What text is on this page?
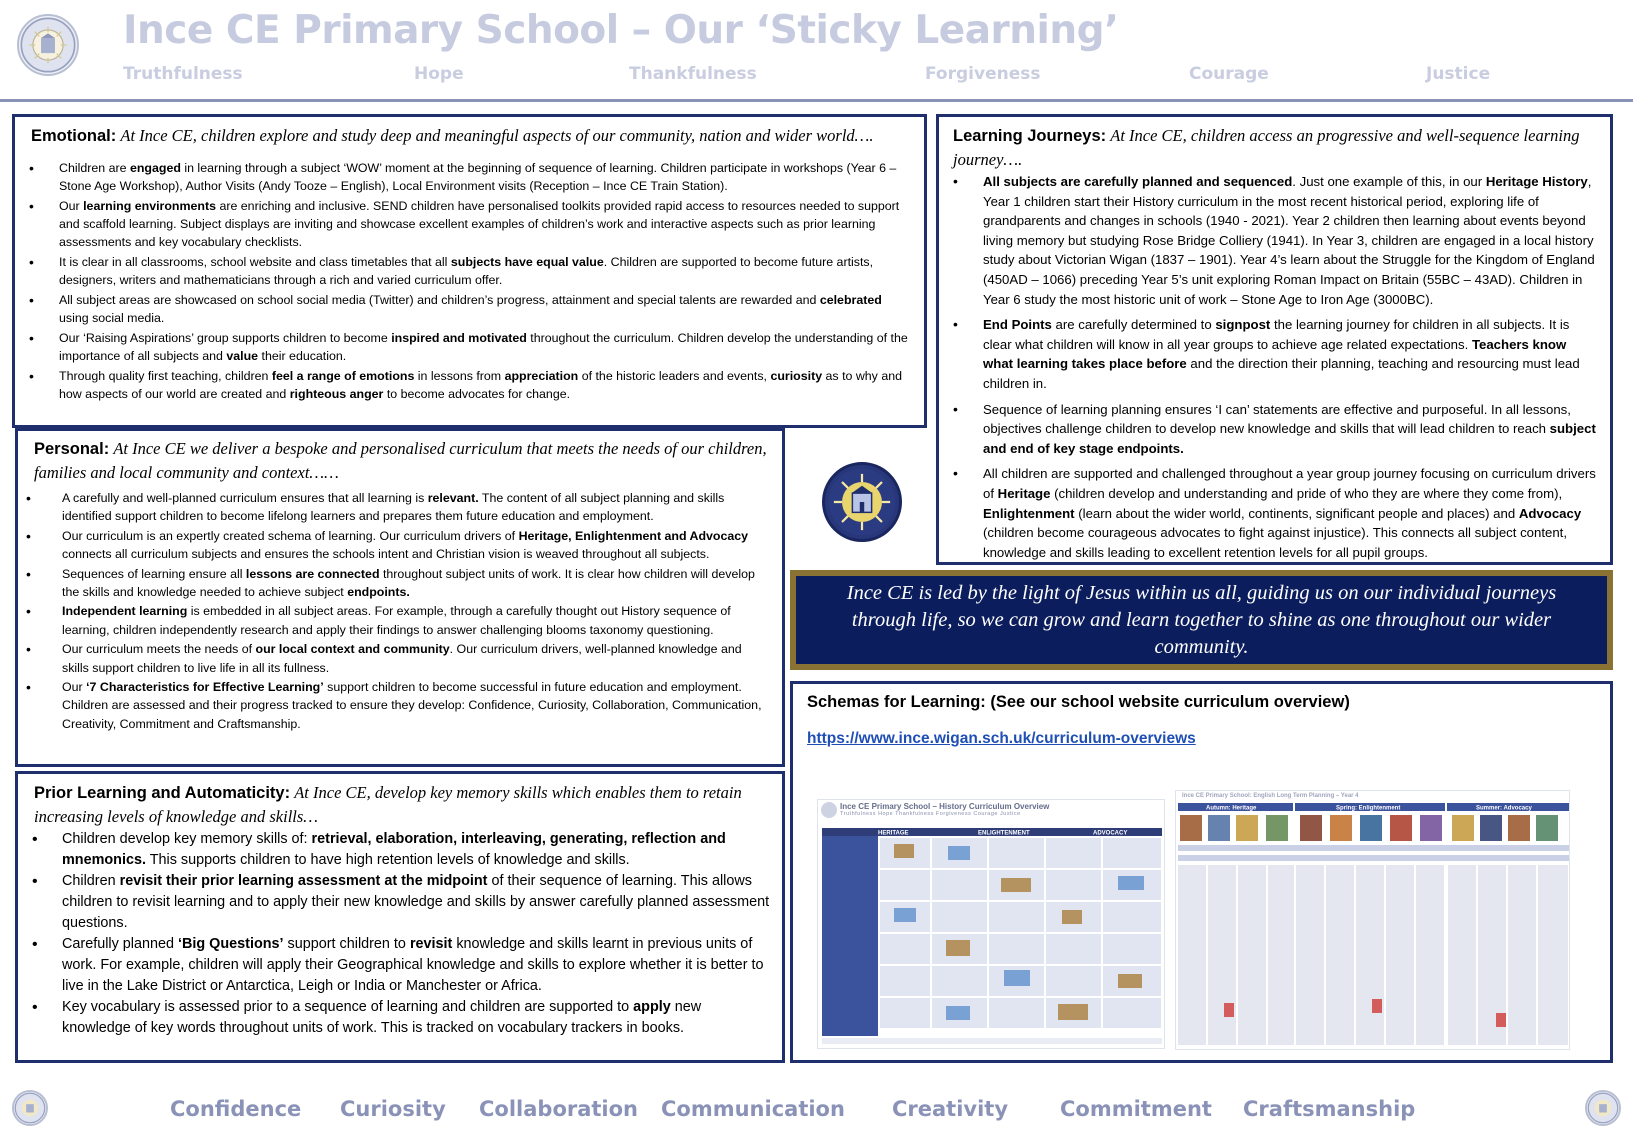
Ince CE Primary School – Our ‘Sticky Learning’
Truthfulness	Hope	Thankfulness	Forgiveness	Courage	Justice
Emotional: At Ince CE, children explore and study deep and meaningful aspects of our community, nation and wider world….
• Children are engaged in learning through a subject ‘WOW’ moment at the beginning of sequence of learning. Children participate in workshops (Year 6 – Stone Age Workshop), Author Visits (Andy Tooze – English), Local Environment visits (Reception – Ince CE Train Station).
• Our learning environments are enriching and inclusive. SEND children have personalised toolkits provided rapid access to resources needed to support and scaffold learning. Subject displays are inviting and showcase excellent examples of children’s work and interactive aspects such as prior learning assessments and key vocabulary checklists.
• It is clear in all classrooms, school website and class timetables that all subjects have equal value. Children are supported to become future artists, designers, writers and mathematicians through a rich and varied curriculum offer.
• All subject areas are showcased on school social media (Twitter) and children’s progress, attainment and special talents are rewarded and celebrated using social media.
• Our ‘Raising Aspirations’ group supports children to become inspired and motivated throughout the curriculum. Children develop the understanding of the importance of all subjects and value their education.
• Through quality first teaching, children feel a range of emotions in lessons from appreciation of the historic leaders and events, curiosity as to why and how aspects of our world are created and righteous anger to become advocates for change.
Learning Journeys: At Ince CE, children access an progressive and well-sequence learning journey….
• All subjects are carefully planned and sequenced. Just one example of this, in our Heritage History, Year 1 children start their History curriculum in the most recent historical period, exploring life of grandparents and changes in schools (1940 - 2021). Year 2 children then learning about events beyond living memory but studying Rose Bridge Colliery (1941). In Year 3, children are engaged in a local history study about Victorian Wigan (1837 – 1901). Year 4’s learn about the Struggle for the Kingdom of England (450AD – 1066) preceding Year 5’s unit exploring Roman Impact on Britain (55BC – 43AD). Children in Year 6 study the most historic unit of work – Stone Age to Iron Age (3000BC).
• End Points are carefully determined to signpost the learning journey for children in all subjects. It is clear what children will know in all year groups to achieve age related expectations. Teachers know what learning takes place before and the direction their planning, teaching and resourcing must lead children in.
• Sequence of learning planning ensures ‘I can’ statements are effective and purposeful. In all lessons, objectives challenge children to develop new knowledge and skills that will lead children to reach subject and end of key stage endpoints.
• All children are supported and challenged throughout a year group journey focusing on curriculum drivers of Heritage (children develop and understanding and pride of who they are where they come from), Enlightenment (learn about the wider world, continents, significant people and places) and Advocacy (children become courageous advocates to fight against injustice). This connects all subject content, knowledge and skills leading to excellent retention levels for all pupil groups.
Personal: At Ince CE we deliver a bespoke and personalised curriculum that meets the needs of our children, families and local community and context……
• A carefully and well-planned curriculum ensures that all learning is relevant. The content of all subject planning and skills identified support children to become lifelong learners and prepares them future education and employment.
• Our curriculum is an expertly created schema of learning. Our curriculum drivers of Heritage, Enlightenment and Advocacy connects all curriculum subjects and ensures the schools intent and Christian vision is weaved throughout all subjects.
• Sequences of learning ensure all lessons are connected throughout subject units of work. It is clear how children will develop the skills and knowledge needed to achieve subject endpoints.
• Independent learning is embedded in all subject areas. For example, through a carefully thought out History sequence of learning, children independently research and apply their findings to answer challenging blooms taxonomy questioning.
• Our curriculum meets the needs of our local context and community. Our curriculum drivers, well-planned knowledge and skills support children to live life in all its fullness.
• Our ‘7 Characteristics for Effective Learning’ support children to become successful in future education and employment. Children are assessed and their progress tracked to ensure they develop: Confidence, Curiosity, Collaboration, Communication, Creativity, Commitment and Craftsmanship.
Prior Learning and Automaticity: At Ince CE, develop key memory skills which enables them to retain increasing levels of knowledge and skills…
• Children develop key memory skills of: retrieval, elaboration, interleaving, generating, reflection and mnemonics. This supports children to have high retention levels of knowledge and skills.
• Children revisit their prior learning assessment at the midpoint of their sequence of learning. This allows children to revisit learning and to apply their new knowledge and skills by answer carefully planned assessment questions.
• Carefully planned ‘Big Questions’ support children to revisit knowledge and skills learnt in previous units of work. For example, children will apply their Geographical knowledge and skills to explore whether it is better to live in the Lake District or Antarctica, Leigh or India or Manchester or Africa.
• Key vocabulary is assessed prior to a sequence of learning and children are supported to apply new knowledge of key words throughout units of work. This is tracked on vocabulary trackers in books.
Ince CE is led by the light of Jesus within us all, guiding us on our individual journeys through life, so we can grow and learn together to shine as one throughout our wider community.
Schemas for Learning: (See our school website curriculum overview)
https://www.ince.wigan.sch.uk/curriculum-overviews
Ince CE Primary School – History Curriculum Overview
Truthfulness Hope Thankfulness Forgiveness Courage Justice
HERITAGE	ENLIGHTENMENT	ADVOCACY
Ince CE Primary School: English Long Term Planning – Year 4
Autumn: Heritage	Spring: Enlightenment	Summer: Advocacy
Confidence Curiosity Collaboration Communication Creativity Commitment Craftsmanship
